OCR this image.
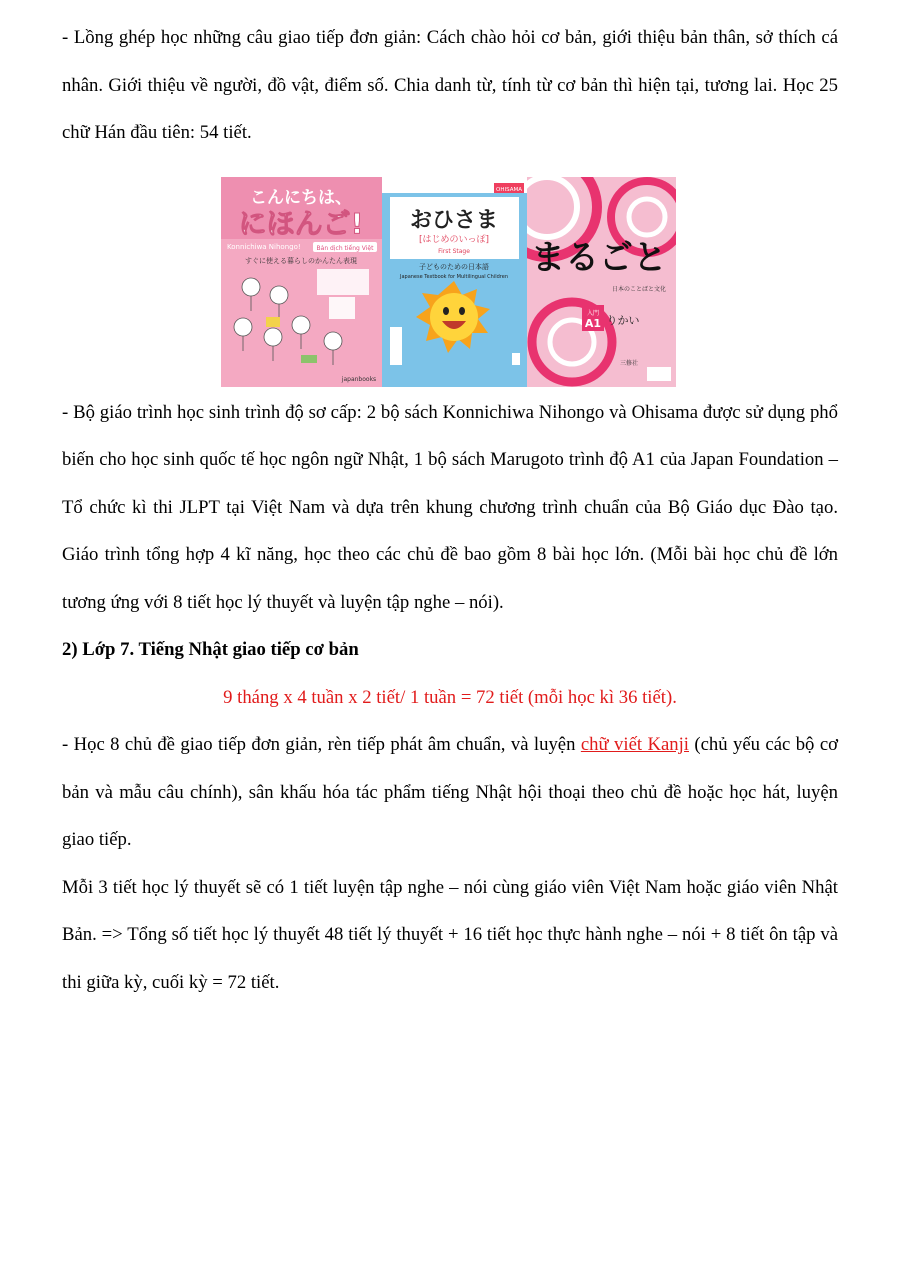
- Lồng ghép học những câu giao tiếp đơn giản: Cách chào hỏi cơ bản, giới thiệu bản thân, sở thích cá nhân. Giới thiệu về người, đồ vật, điểm số. Chia danh từ, tính từ cơ bản thì hiện tại, tương lai. Học 25 chữ Hán đầu tiên: 54 tiết.

こんにちは、
にほんご!
Konnichiwa Nihongo!	Bản dịch tiếng Việt
すぐに使える暮らしのかんたん表現
japanbooks
OHISAMA
おひさま
[はじめのいっぽ]
First Stage
子どものための日本語
Japanese Textbook for Multilingual Children まるごと
日本のことばと文化
入門
A1 りかい
三修社

- Bộ giáo trình học sinh trình độ sơ cấp: 2 bộ sách Konnichiwa Nihongo và Ohisama được sử dụng phổ biến cho học sinh quốc tế học ngôn ngữ Nhật, 1 bộ sách Marugoto trình độ A1 của Japan Foundation – Tổ chức kì thi JLPT tại Việt Nam và dựa trên khung chương trình chuẩn của Bộ Giáo dục Đào tạo. Giáo trình tổng hợp 4 kĩ năng, học theo các chủ đề bao gồm 8 bài học lớn. (Mỗi bài học chủ đề lớn tương ứng với 8 tiết học lý thuyết và luyện tập nghe – nói).

2) Lớp 7. Tiếng Nhật giao tiếp cơ bản

9 tháng x 4 tuần x 2 tiết/ 1 tuần = 72 tiết (mỗi học kì 36 tiết).

- Học 8 chủ đề giao tiếp đơn giản, rèn tiếp phát âm chuẩn, và luyện chữ viết Kanji (chủ yếu các bộ cơ bản và mẫu câu chính), sân khấu hóa tác phẩm tiếng Nhật hội thoại theo chủ đề hoặc học hát, luyện giao tiếp.

Mỗi 3 tiết học lý thuyết sẽ có 1 tiết luyện tập nghe – nói cùng giáo viên Việt Nam hoặc giáo viên Nhật Bản. => Tổng số tiết học lý thuyết 48 tiết lý thuyết + 16 tiết học thực hành nghe – nói + 8 tiết ôn tập và thi giữa kỳ, cuối kỳ = 72 tiết.
